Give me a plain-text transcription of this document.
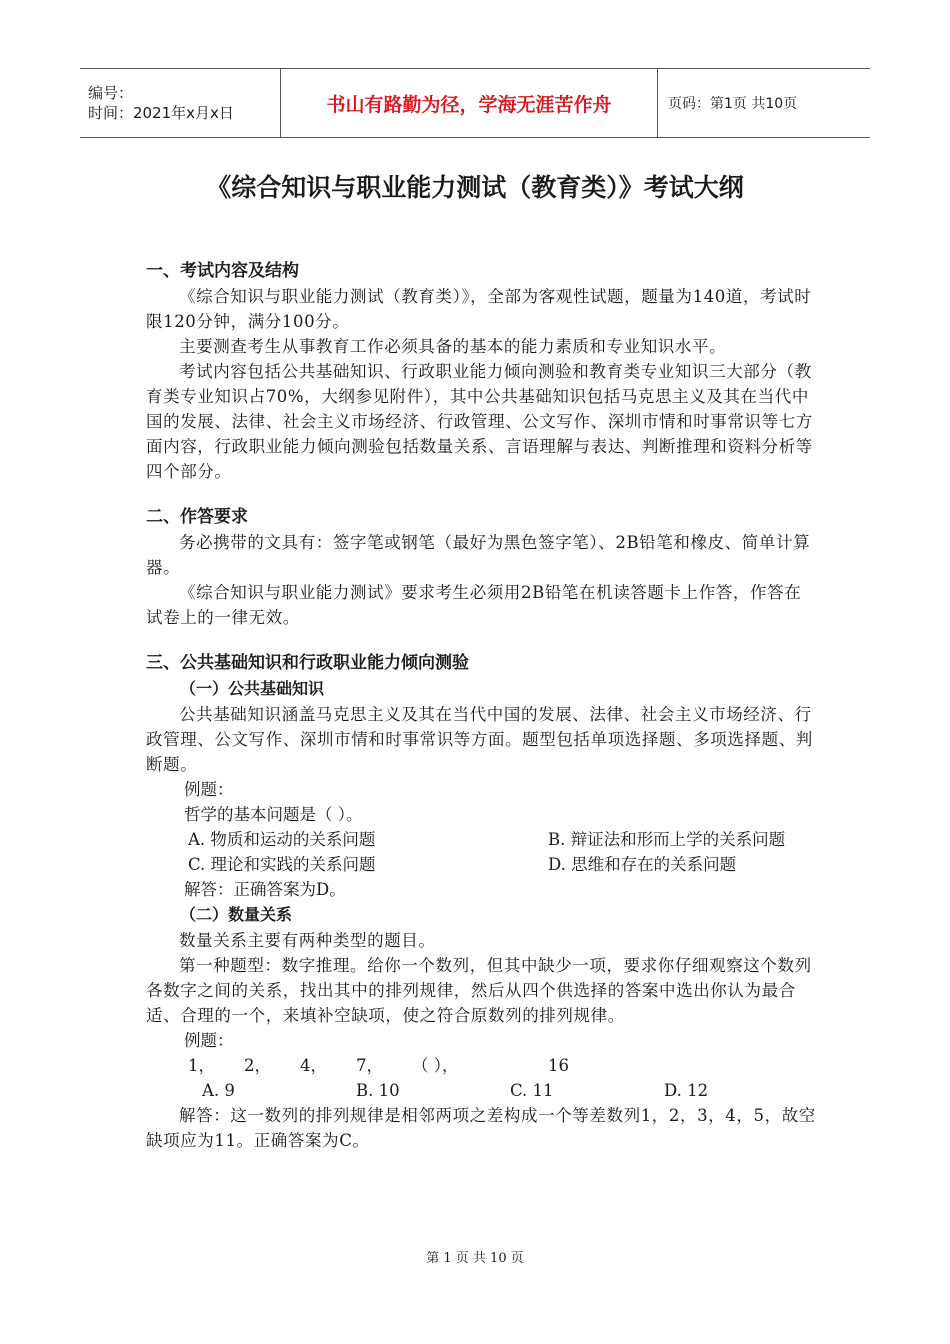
编号：
时间：2021年x月x日	书山有路勤为径，学海无涯苦作舟	页码：第1页 共10页
《综合知识与职业能力测试（教育类）》考试大纲

一、考试内容及结构

《综合知识与职业能力测试（教育类）》，全部为客观性试题，题量为140道，考试时限120分钟，满分100分。

主要测查考生从事教育工作必须具备的基本的能力素质和专业知识水平。

考试内容包括公共基础知识、行政职业能力倾向测验和教育类专业知识三大部分（教育类专业知识占70%，大纲参见附件），其中公共基础知识包括马克思主义及其在当代中国的发展、法律、社会主义市场经济、行政管理、公文写作、深圳市情和时事常识等七方面内容，行政职业能力倾向测验包括数量关系、言语理解与表达、判断推理和资料分析等四个部分。

二、作答要求

务必携带的文具有：签字笔或钢笔（最好为黑色签字笔）、2B铅笔和橡皮、简单计算器。

《综合知识与职业能力测试》要求考生必须用2B铅笔在机读答题卡上作答，作答在试卷上的一律无效。

三、公共基础知识和行政职业能力倾向测验

（一）公共基础知识

公共基础知识涵盖马克思主义及其在当代中国的发展、法律、社会主义市场经济、行政管理、公文写作、深圳市情和时事常识等方面。题型包括单项选择题、多项选择题、判断题。

例题：

哲学的基本问题是（ ）。

A. 物质和运动的关系问题	B. 辩证法和形而上学的关系问题
C. 理论和实践的关系问题	D. 思维和存在的关系问题

解答：正确答案为D。

（二）数量关系

数量关系主要有两种类型的题目。

第一种题型：数字推理。给你一个数列，但其中缺少一项，要求你仔细观察这个数列各数字之间的关系，找出其中的排列规律，然后从四个供选择的答案中选出你认为最合适、合理的一个，来填补空缺项，使之符合原数列的排列规律。

例题：

1，	2，	4，	7，	（ ），	16
A. 9	B. 10	C. 11	D. 12

解答：这一数列的排列规律是相邻两项之差构成一个等差数列1，2，3，4，5，故空缺项应为11。正确答案为C。

第 1 页 共 10 页
